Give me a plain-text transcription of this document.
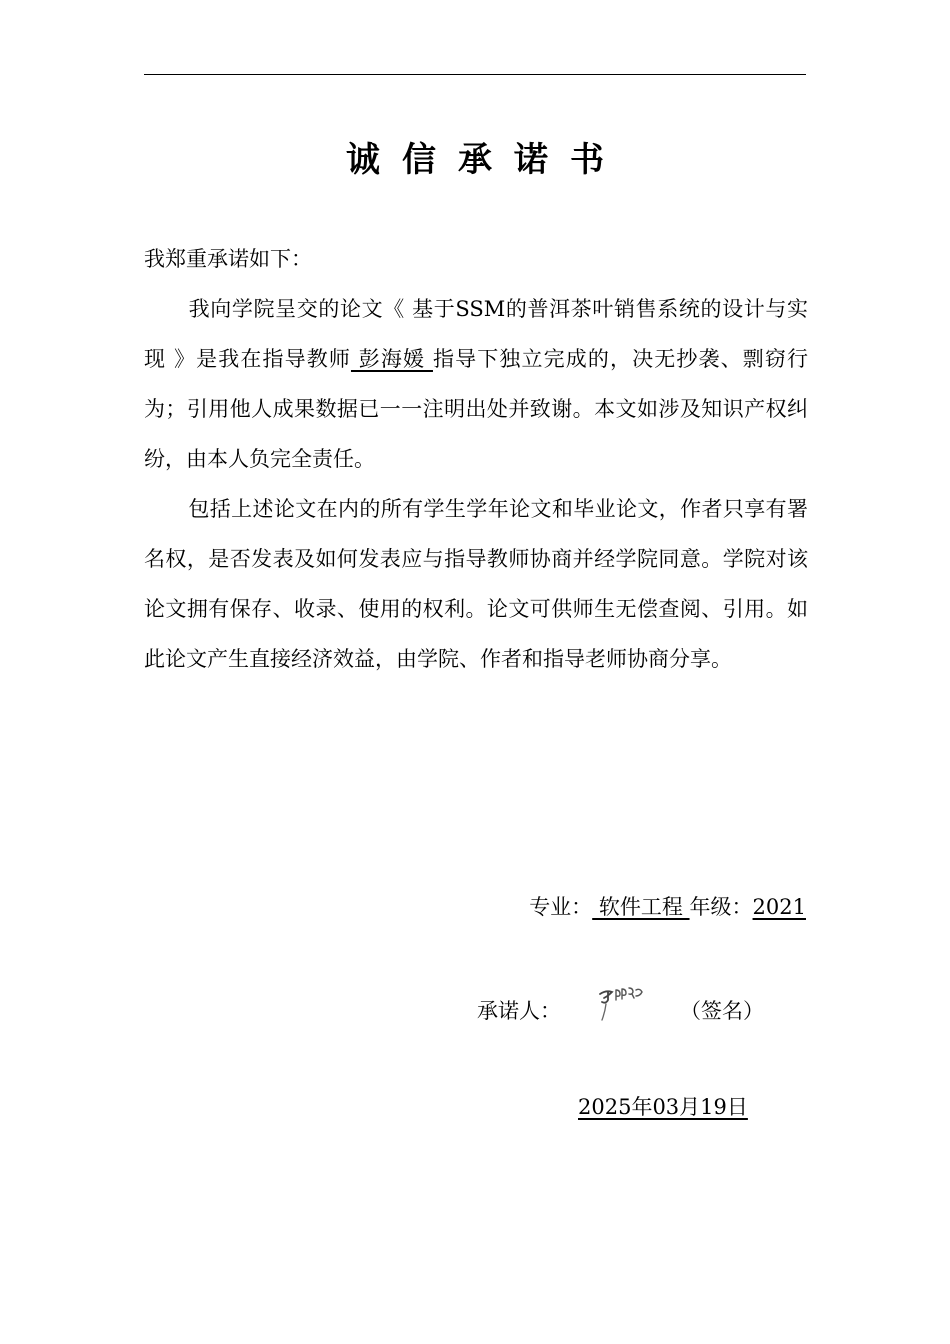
诚信承诺书
我郑重承诺如下：
我向学院呈交的论文《 基于SSM的普洱茶叶销售系统的设计与实现 》是我在指导教师 彭海媛 指导下独立完成的，决无抄袭、剽窃行为；引用他人成果数据已一一注明出处并致谢。本文如涉及知识产权纠纷，由本人负完全责任。
包括上述论文在内的所有学生学年论文和毕业论文，作者只享有署名权，是否发表及如何发表应与指导教师协商并经学院同意。学院对该论文拥有保存、收录、使用的权利。论文可供师生无偿查阅、引用。如此论文产生直接经济效益，由学院、作者和指导老师协商分享。
专业： 软件工程 年级：2021
承诺人：	（签名）
2025年03月19日
